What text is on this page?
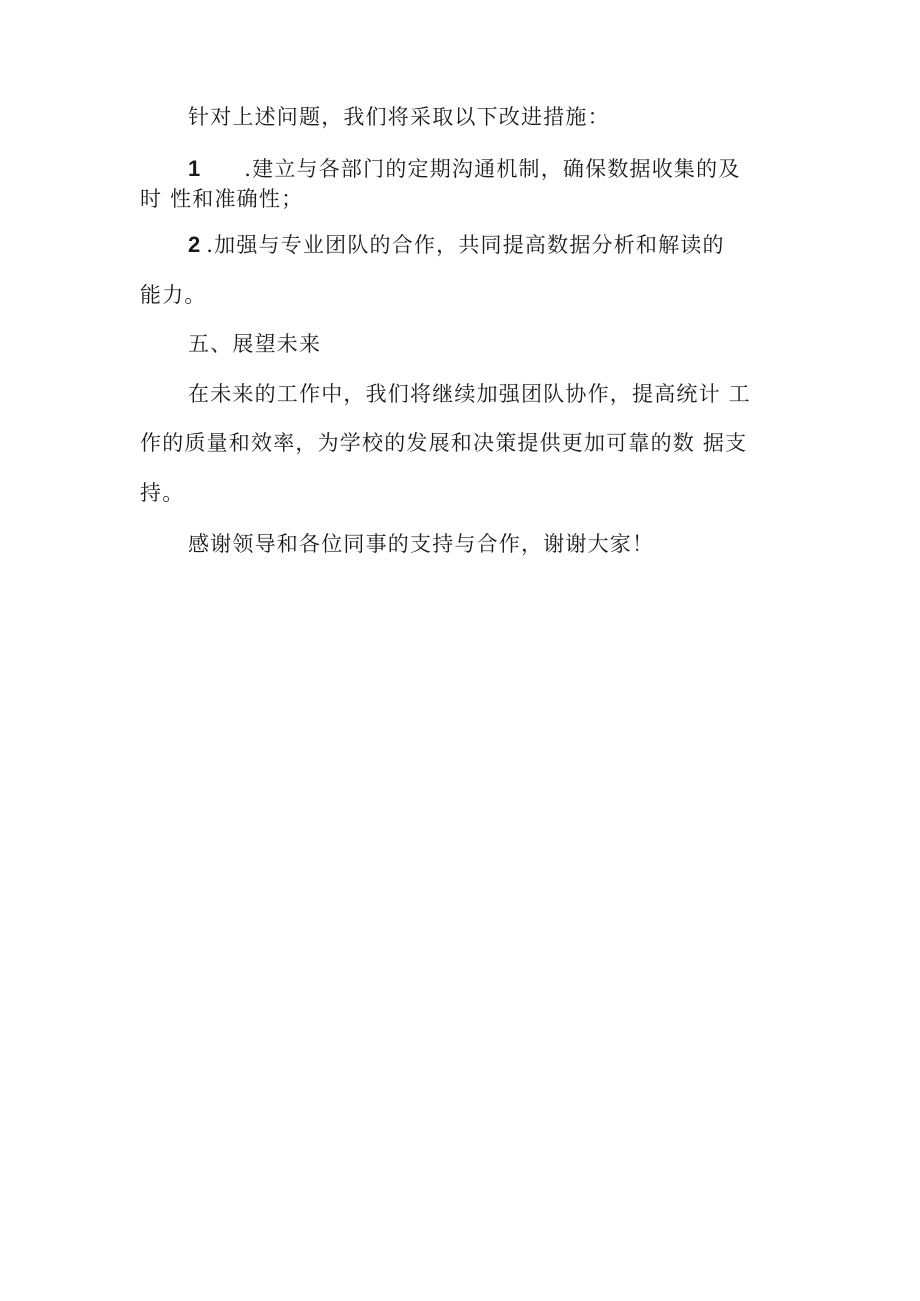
针对上述问题，我们将采取以下改进措施：
1 .建立与各部门的定期沟通机制，确保数据收集的及
时 性和准确性；
2 .加强与专业团队的合作，共同提高数据分析和解读的
能力。
五、展望未来
在未来的工作中，我们将继续加强团队协作，提高统计 工
作的质量和效率，为学校的发展和决策提供更加可靠的数 据支
持。
感谢领导和各位同事的支持与合作，谢谢大家！
